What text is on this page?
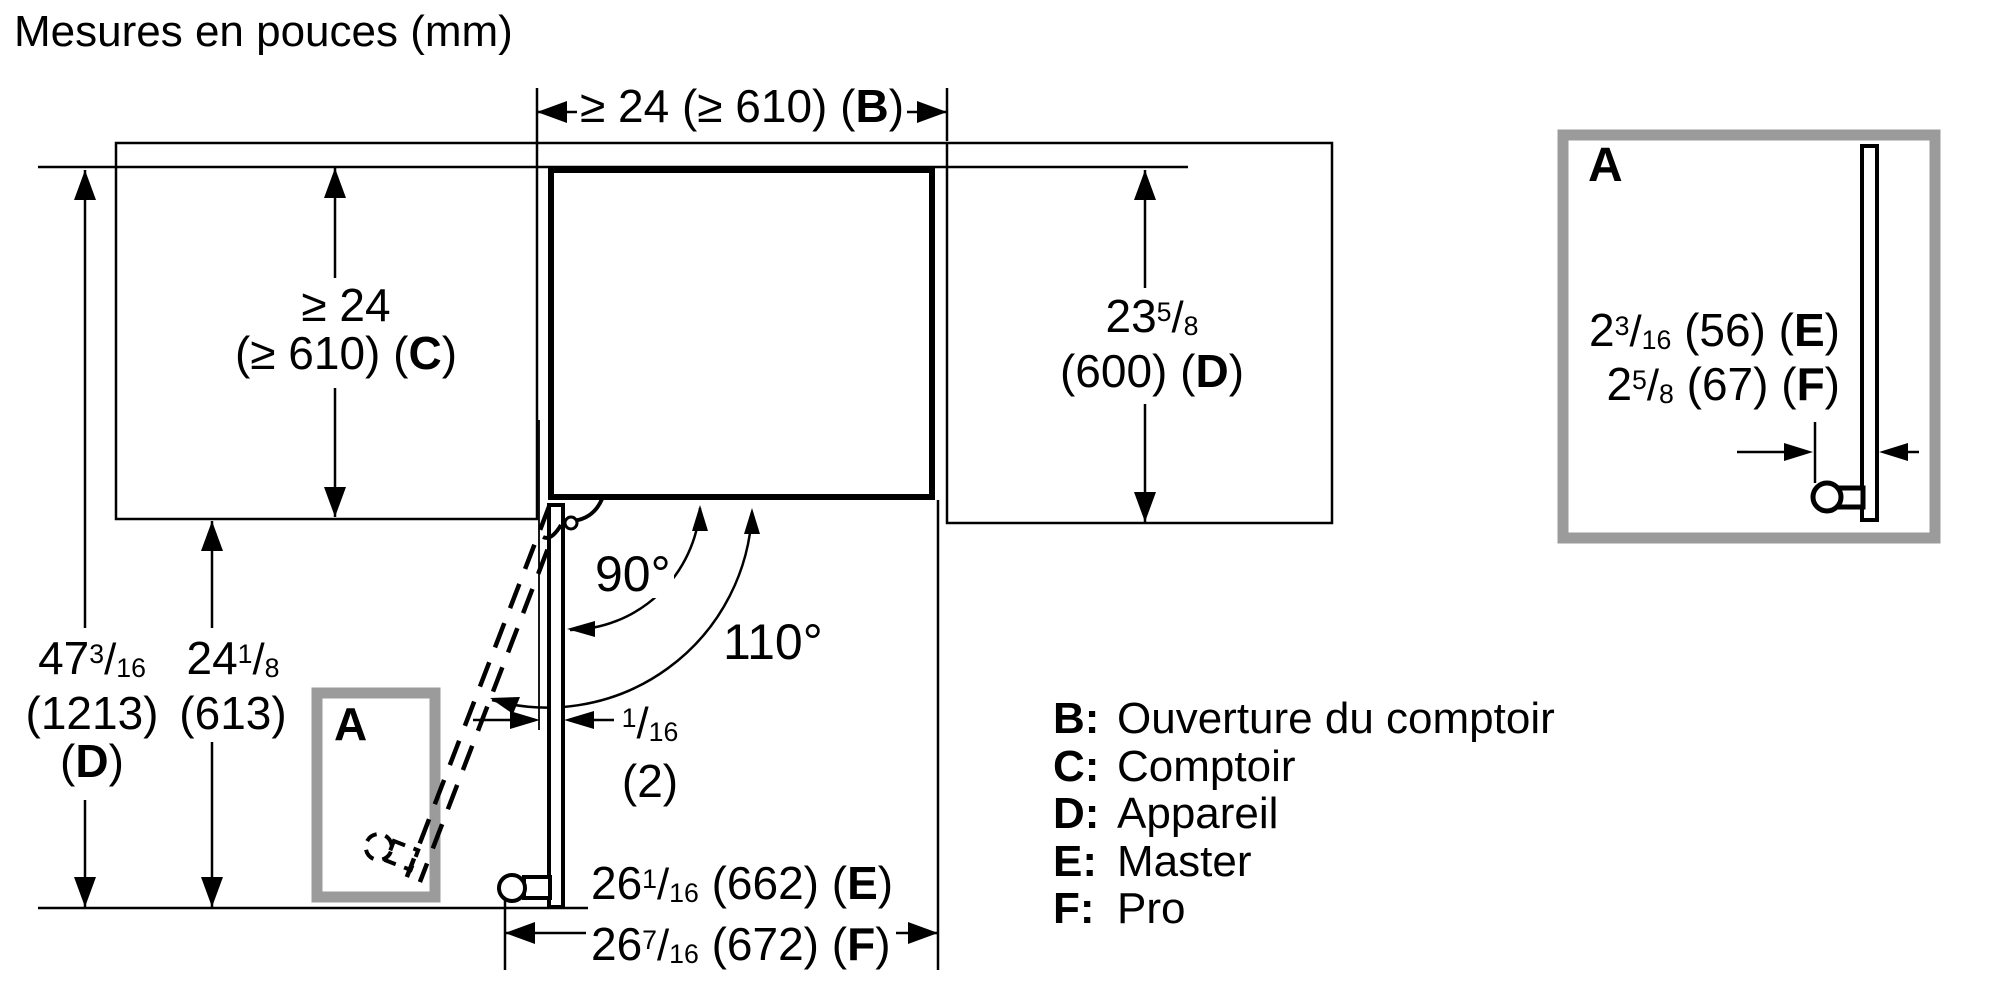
Mesures en pouces (mm)
≥ 24 (≥ 610) (B)
≥ 24
(≥ 610) (C)
$23^5/8$
(600) (D)
$47^3/16$
(1213)
(D)
$24^1/8$
(613)
90°
110°
$^1$/16
(2)
$26^1/16$ (662) (E)
$26^7/16$ (672) (F)
A
A
$2^3/16$ (56) (E)
$2^5/8$ (67) (F)
B: Ouverture du comptoir
C: Comptoir
D: Appareil
E: Master
F: Pro
